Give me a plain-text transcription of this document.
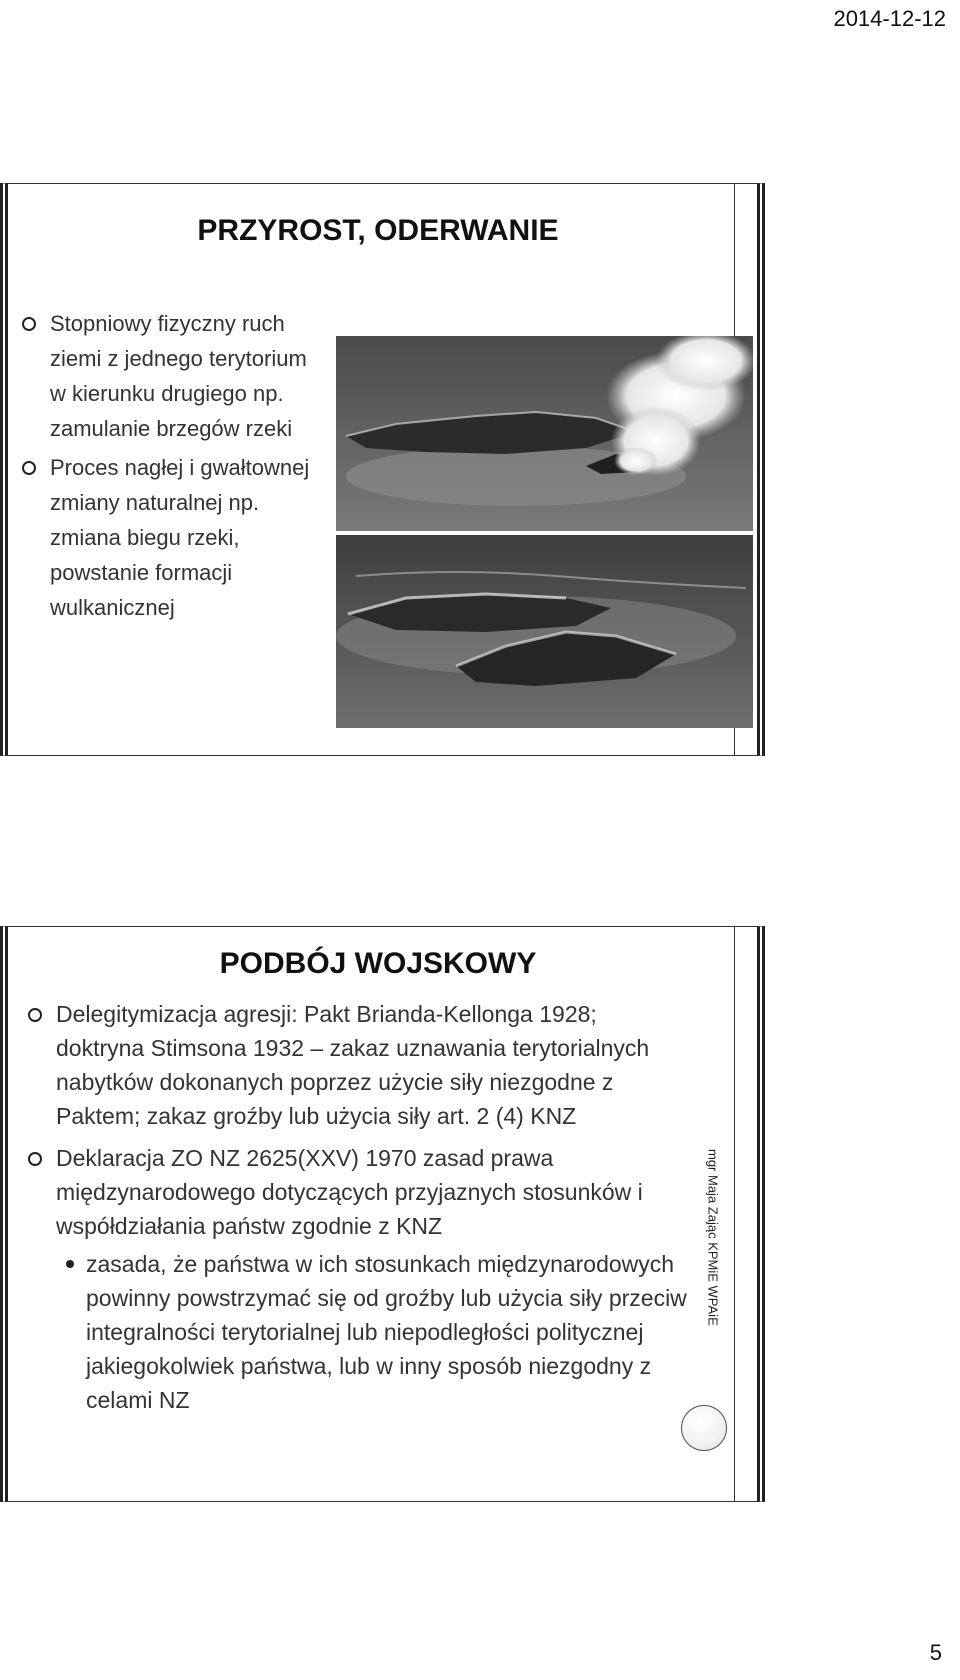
2014-12-12
PRZYROST, ODERWANIE
Stopniowy fizyczny ruch ziemi z jednego terytorium w kierunku drugiego np. zamulanie brzegów rzeki
Proces nagłej i gwałtownej zmiany naturalnej np. zmiana biegu rzeki, powstanie formacji wulkanicznej
PODBÓJ WOJSKOWY
Delegitymizacja agresji: Pakt Brianda-Kellonga 1928; doktryna Stimsona 1932 – zakaz uznawania terytorialnych nabytków dokonanych poprzez użycie siły niezgodne z Paktem; zakaz groźby lub użycia siły art. 2 (4) KNZ
Deklaracja ZO NZ 2625(XXV) 1970 zasad prawa międzynarodowego dotyczących przyjaznych stosunków i współdziałania państw zgodnie z KNZ
zasada, że państwa w ich stosunkach międzynarodowych powinny powstrzymać się od groźby lub użycia siły przeciw integralności terytorialnej lub niepodległości politycznej jakiegokolwiek państwa, lub w inny sposób niezgodny z celami NZ
mgr Maja Zając KPMiE WPAiE
5
